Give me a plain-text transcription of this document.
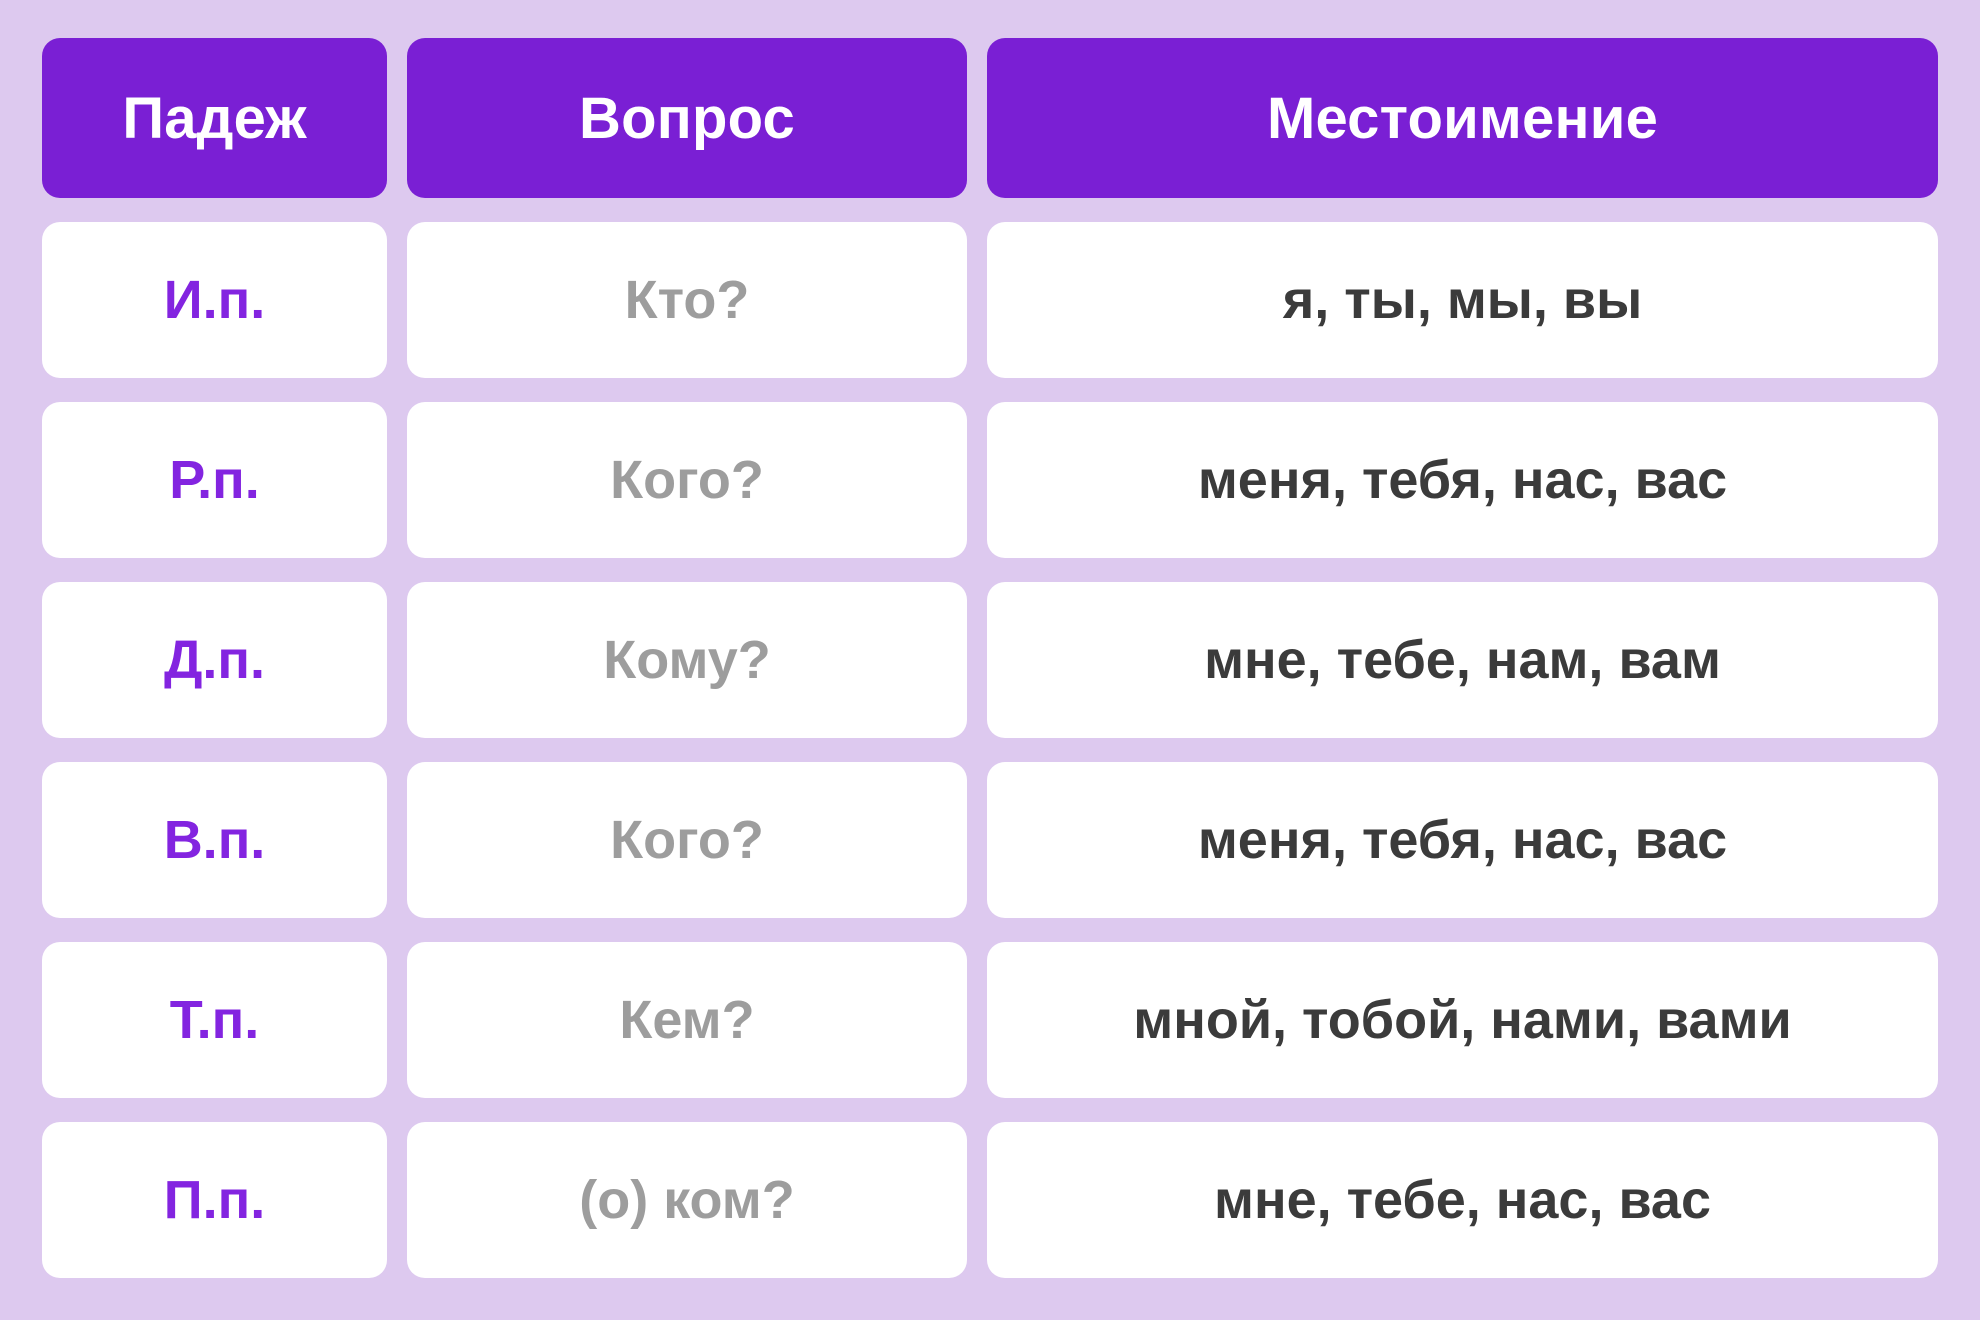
Падеж	Вопрос	Местоимение
И.п.	Кто?	я, ты, мы, вы
Р.п.	Кого?	меня, тебя, нас, вас
Д.п.	Кому?	мне, тебе, нам, вам
В.п.	Кого?	меня, тебя, нас, вас
Т.п.	Кем?	мной, тобой, нами, вами
П.п.	(о) ком?	мне, тебе, нас, вас
